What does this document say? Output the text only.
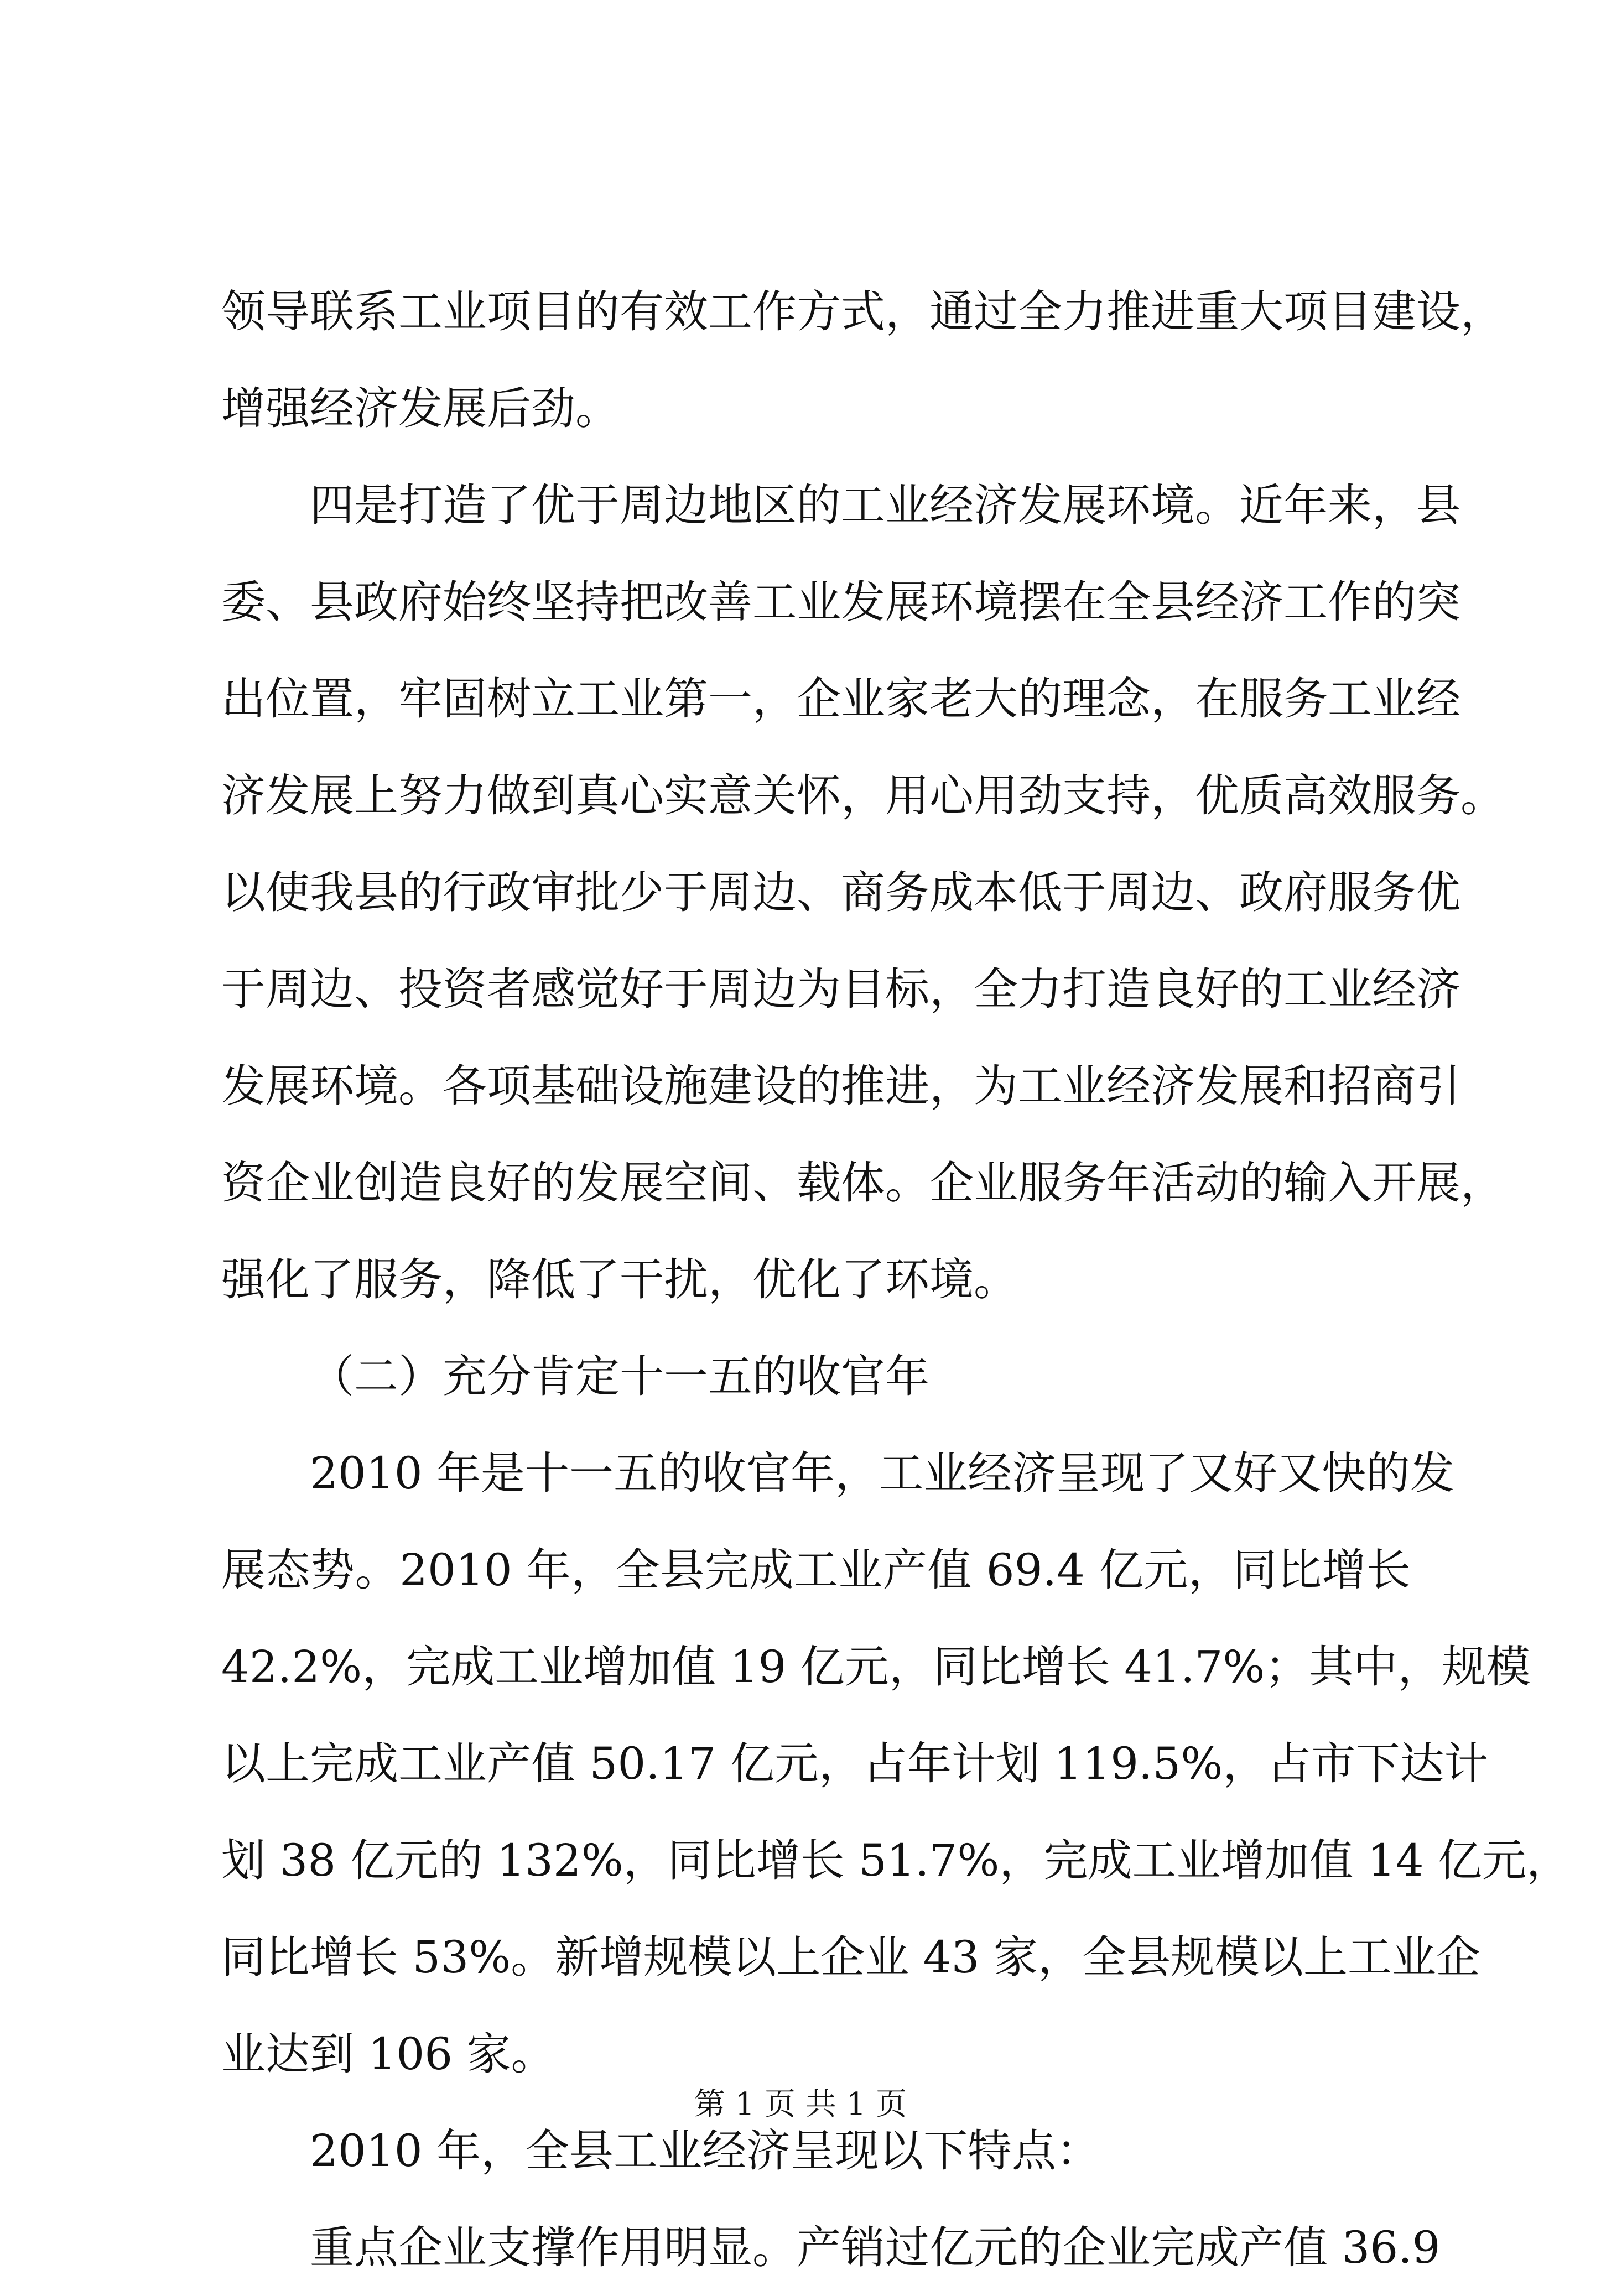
领导联系工业项目的有效工作方式，通过全力推进重大项目建设，
增强经济发展后劲。
四是打造了优于周边地区的工业经济发展环境。近年来，县
委、县政府始终坚持把改善工业发展环境摆在全县经济工作的突
出位置，牢固树立工业第一，企业家老大的理念，在服务工业经
济发展上努力做到真心实意关怀，用心用劲支持，优质高效服务。
以使我县的行政审批少于周边、商务成本低于周边、政府服务优
于周边、投资者感觉好于周边为目标，全力打造良好的工业经济
发展环境。各项基础设施建设的推进，为工业经济发展和招商引
资企业创造良好的发展空间、载体。企业服务年活动的输入开展，
强化了服务，降低了干扰，优化了环境。
（二）充分肯定十一五的收官年
2010 年是十一五的收官年，工业经济呈现了又好又快的发
展态势。2010 年，全县完成工业产值 69.4 亿元，同比增长
42.2%，完成工业增加值 19 亿元，同比增长 41.7%；其中，规模
以上完成工业产值 50.17 亿元，占年计划 119.5%，占市下达计
划 38 亿元的 132%，同比增长 51.7%，完成工业增加值 14 亿元，
同比增长 53%。新增规模以上企业 43 家，全县规模以上工业企
业达到 106 家。
2010 年，全县工业经济呈现以下特点：
重点企业支撑作用明显。产销过亿元的企业完成产值 36.9
第 1 页 共 1 页
